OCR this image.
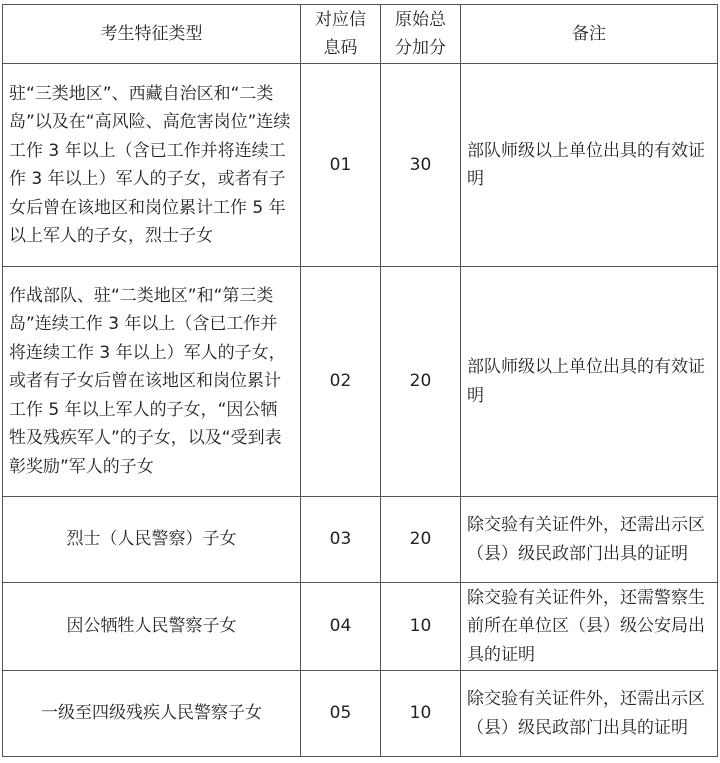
考生特征类型	对应信息码	原始总分加分	备注
驻“三类地区”、西藏自治区和“二类岛”以及在“高风险、高危害岗位”连续工作 3 年以上（含已工作并将连续工作 3 年以上）军人的子女，或者有子女后曾在该地区和岗位累计工作 5 年以上军人的子女，烈士子女	01	30	部队师级以上单位出具的有效证明
作战部队、驻“二类地区”和“第三类岛”连续工作 3 年以上（含已工作并将连续工作 3 年以上）军人的子女，或者有子女后曾在该地区和岗位累计工作 5 年以上军人的子女，“因公牺牲及残疾军人”的子女，以及“受到表彰奖励”军人的子女	02	20	部队师级以上单位出具的有效证明
烈士（人民警察）子女	03	20	除交验有关证件外，还需出示区（县）级民政部门出具的证明
因公牺牲人民警察子女	04	10	除交验有关证件外，还需警察生前所在单位区（县）级公安局出具的证明
一级至四级残疾人民警察子女	05	10	除交验有关证件外，还需出示区（县）级民政部门出具的证明
